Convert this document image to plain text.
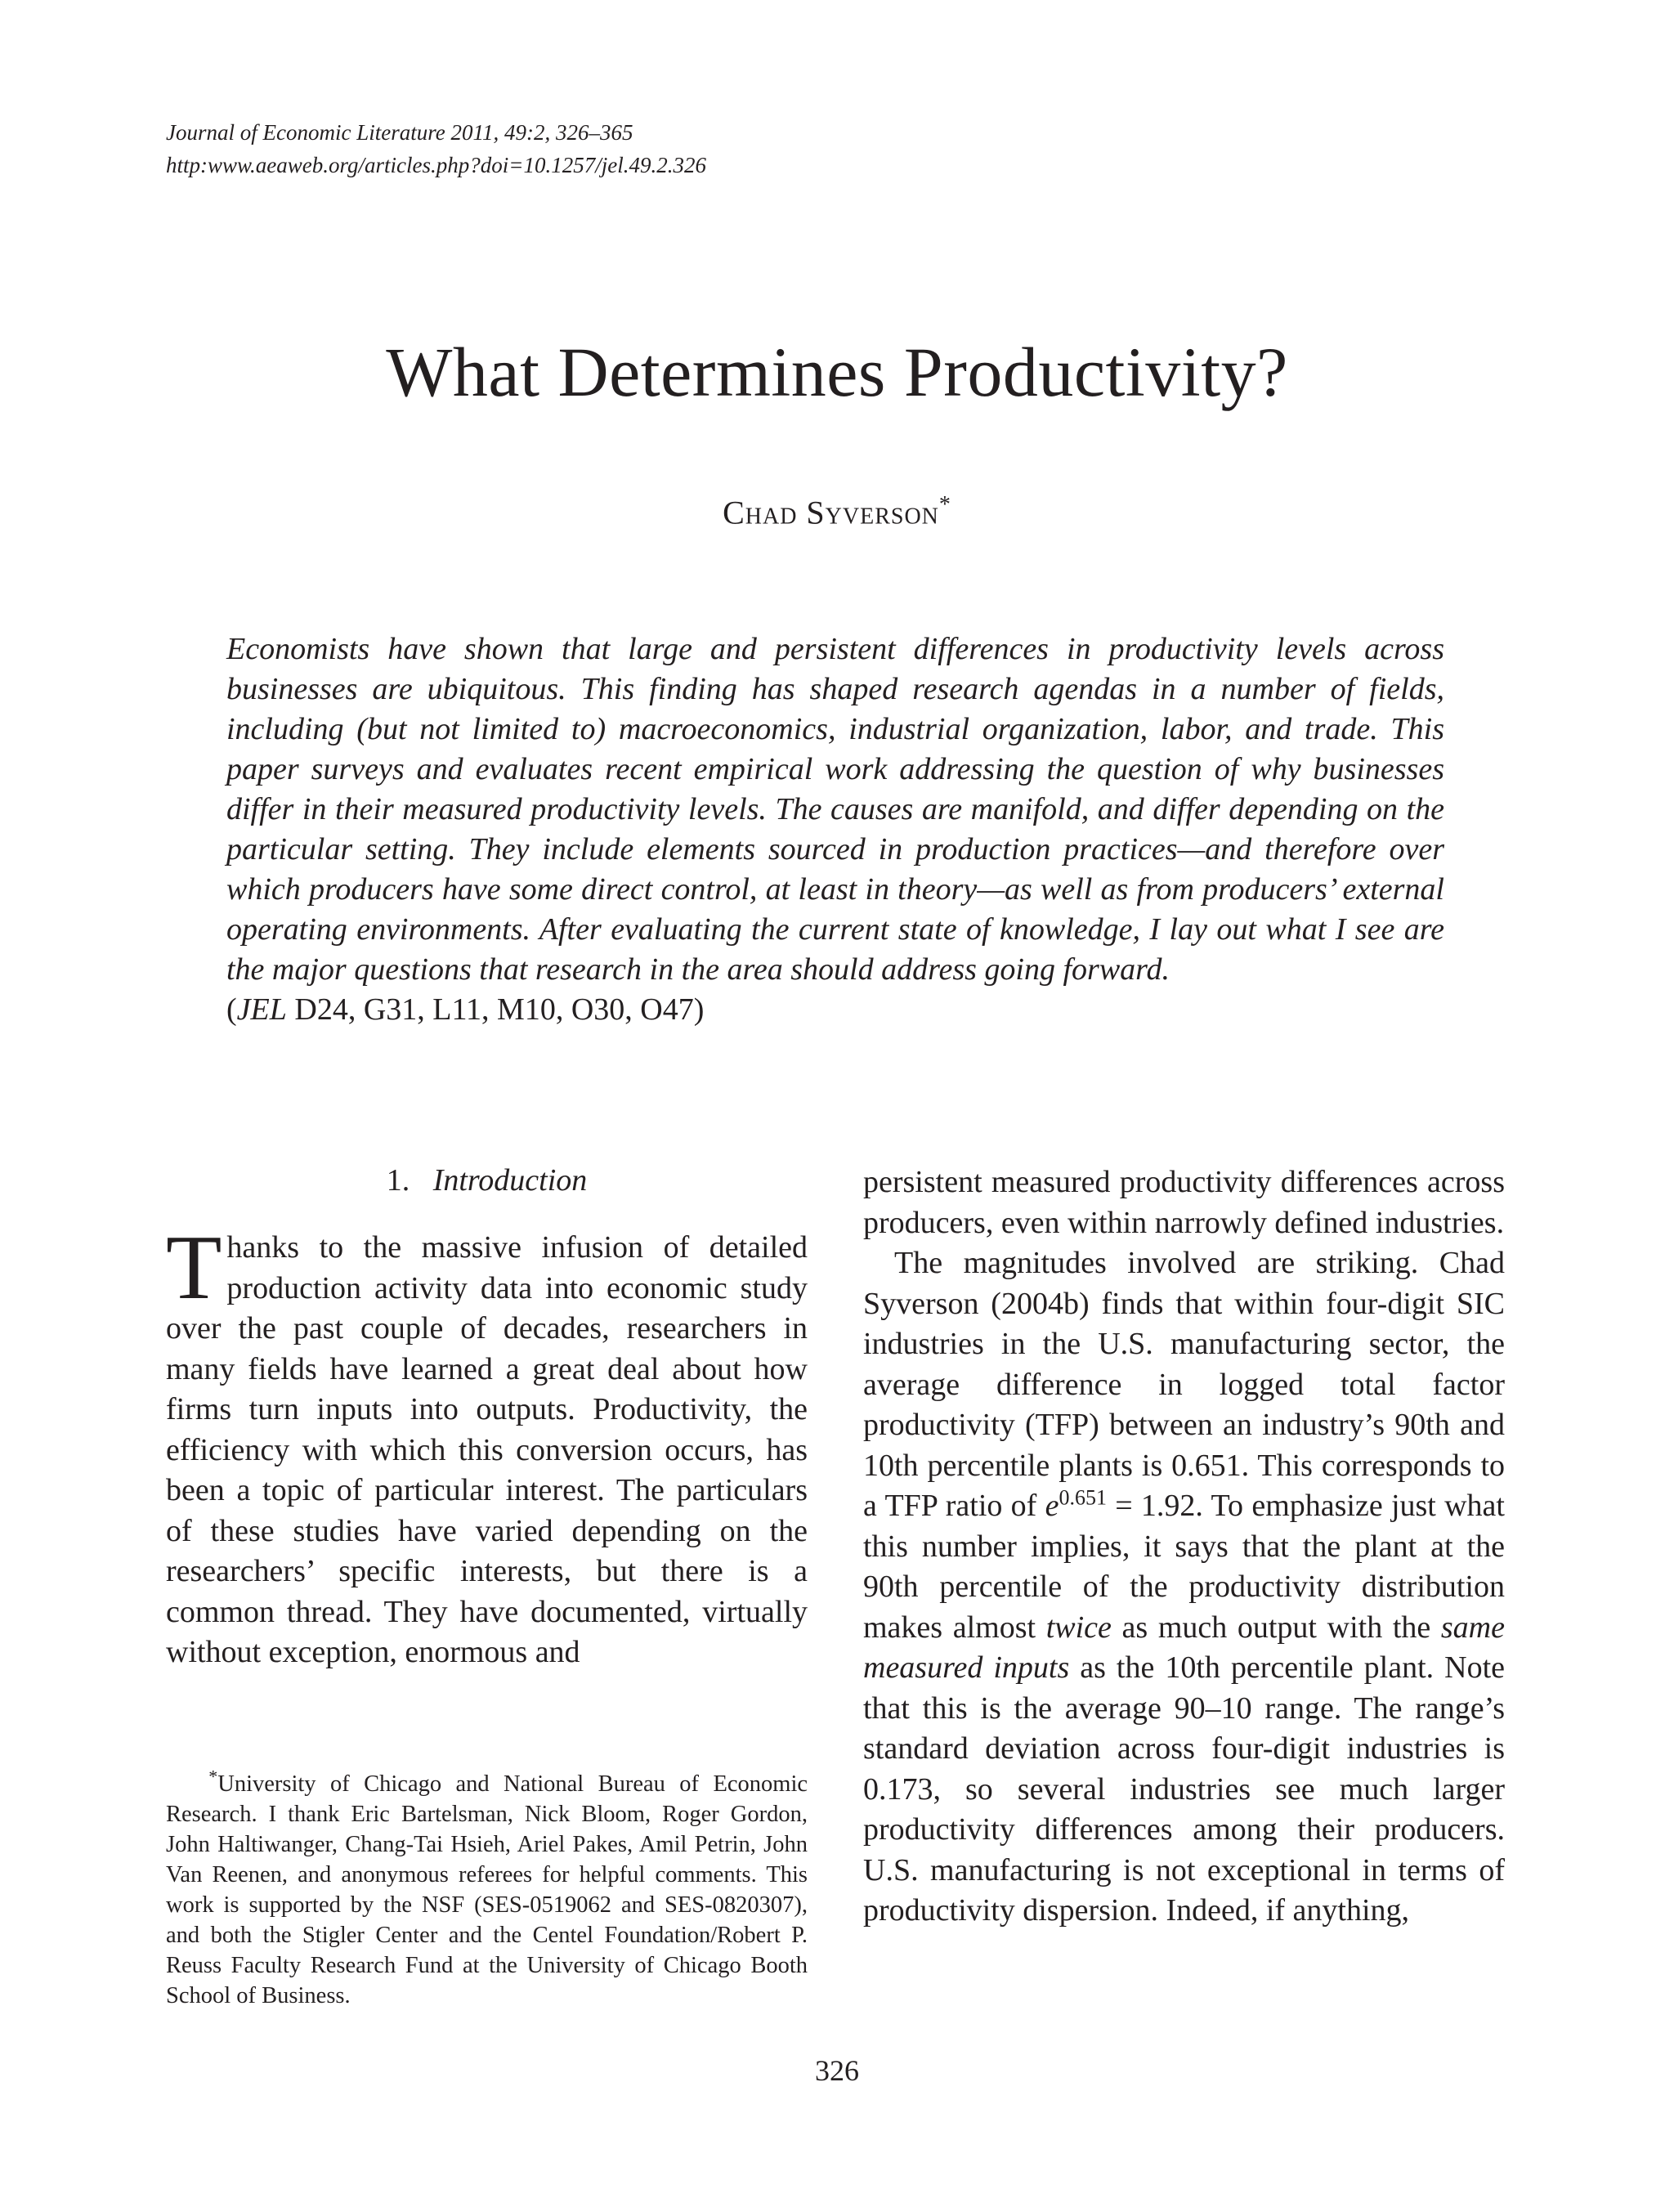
Journal of Economic Literature 2011, 49:2, 326–365
http:www.aeaweb.org/articles.php?doi=10.1257/jel.49.2.326
What Determines Productivity?
Chad Syverson*
Economists have shown that large and persistent differences in productivity levels across businesses are ubiquitous. This finding has shaped research agendas in a number of fields, including (but not limited to) macroeconomics, industrial organization, labor, and trade. This paper surveys and evaluates recent empirical work addressing the question of why businesses differ in their measured productivity levels. The causes are manifold, and differ depending on the particular setting. They include elements sourced in production practices—and therefore over which producers have some direct control, at least in theory—as well as from producers’ external operating environments. After evaluating the current state of knowledge, I lay out what I see are the major questions that research in the area should address going forward.
(JEL D24, G31, L11, M10, O30, O47)
1. Introduction

Thanks to the massive infusion of detailed production activity data into economic study over the past couple of decades, researchers in many fields have learned a great deal about how firms turn inputs into outputs. Productivity, the efficiency with which this conversion occurs, has been a topic of particular interest. The particulars of these studies have varied depending on the researchers’ specific interests, but there is a common thread. They have documented, virtually without exception, enormous and

persistent measured productivity differences across producers, even within narrowly defined industries.

The magnitudes involved are striking. Chad Syverson (2004b) finds that within four-digit SIC industries in the U.S. manufacturing sector, the average difference in logged total factor productivity (TFP) between an industry’s 90th and 10th percentile plants is 0.651. This corresponds to a TFP ratio of $e^{0.651} = 1.92$. To emphasize just what this number implies, it says that the plant at the 90th percentile of the productivity distribution makes almost twice as much output with the same measured inputs as the 10th percentile plant. Note that this is the average 90–10 range. The range’s standard deviation across four-digit industries is 0.173, so several industries see much larger productivity differences among their producers. U.S. manufacturing is not exceptional in terms of productivity dispersion. Indeed, if anything,

*University of Chicago and National Bureau of Economic Research. I thank Eric Bartelsman, Nick Bloom, Roger Gordon, John Haltiwanger, Chang-Tai Hsieh, Ariel Pakes, Amil Petrin, John Van Reenen, and anonymous referees for helpful comments. This work is supported by the NSF (SES-0519062 and SES-0820307), and both the Stigler Center and the Centel Foundation/Robert P. Reuss Faculty Research Fund at the University of Chicago Booth School of Business.
326
